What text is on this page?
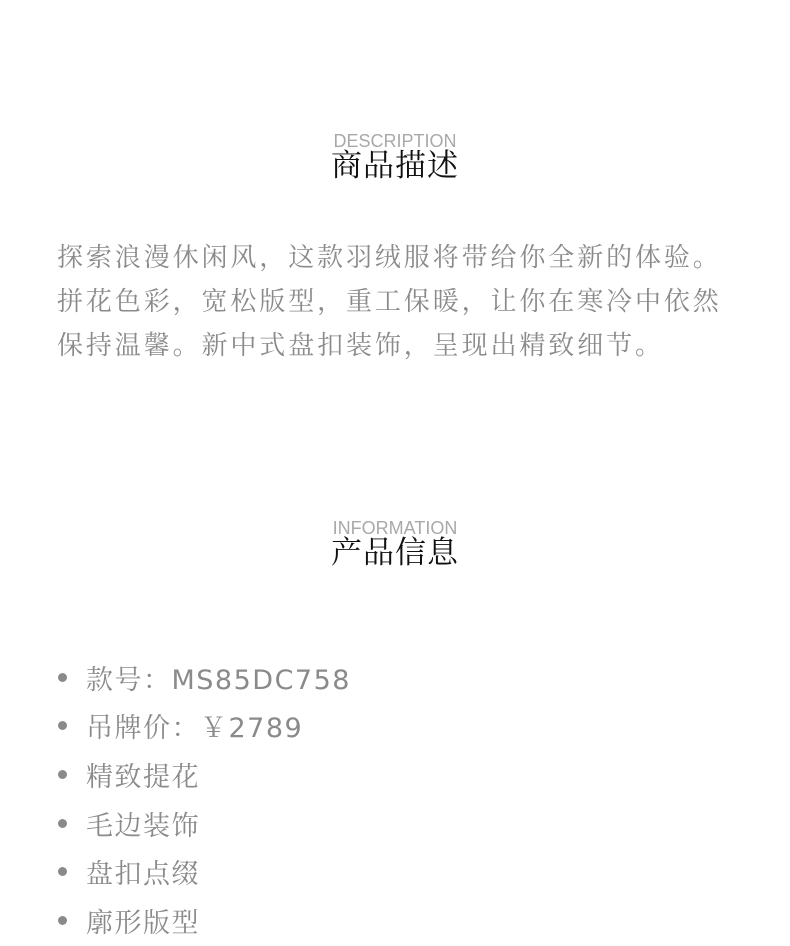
DESCRIPTION
商品描述

探索浪漫休闲风，这款羽绒服将带给你全新的体验。拼花色彩，宽松版型，重工保暖，让你在寒冷中依然保持温馨。新中式盘扣装饰，呈现出精致细节。

INFORMATION
产品信息
款号：MS85DC758
吊牌价：￥2789
精致提花
毛边装饰
盘扣点缀
廓形版型
